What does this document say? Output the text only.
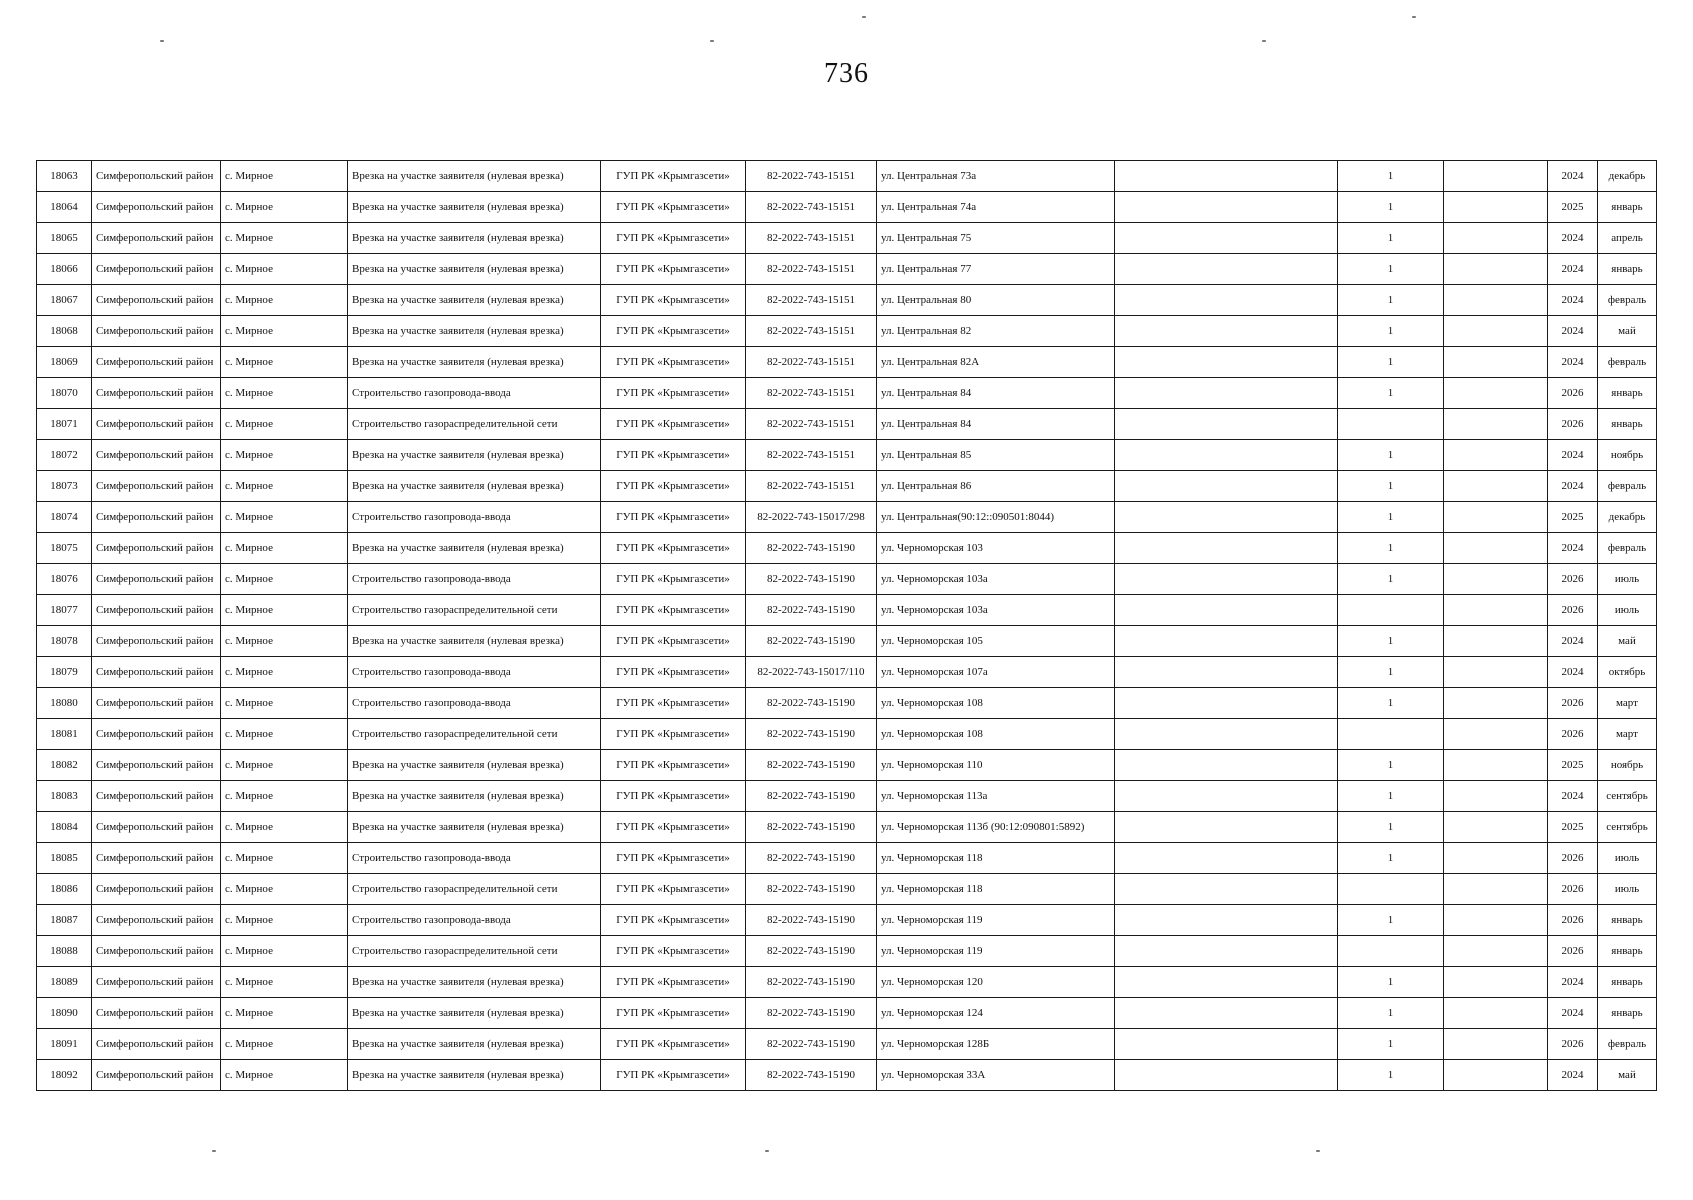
736
18063	Симферопольский район	с. Мирное	Врезка на участке заявителя (нулевая врезка)	ГУП РК «Крымгазсети»	82-2022-743-15151	ул. Центральная 73а		1		2024	декабрь
18064	Симферопольский район	с. Мирное	Врезка на участке заявителя (нулевая врезка)	ГУП РК «Крымгазсети»	82-2022-743-15151	ул. Центральная 74а		1		2025	январь
18065	Симферопольский район	с. Мирное	Врезка на участке заявителя (нулевая врезка)	ГУП РК «Крымгазсети»	82-2022-743-15151	ул. Центральная 75		1		2024	апрель
18066	Симферопольский район	с. Мирное	Врезка на участке заявителя (нулевая врезка)	ГУП РК «Крымгазсети»	82-2022-743-15151	ул. Центральная 77		1		2024	январь
18067	Симферопольский район	с. Мирное	Врезка на участке заявителя (нулевая врезка)	ГУП РК «Крымгазсети»	82-2022-743-15151	ул. Центральная 80		1		2024	февраль
18068	Симферопольский район	с. Мирное	Врезка на участке заявителя (нулевая врезка)	ГУП РК «Крымгазсети»	82-2022-743-15151	ул. Центральная 82		1		2024	май
18069	Симферопольский район	с. Мирное	Врезка на участке заявителя (нулевая врезка)	ГУП РК «Крымгазсети»	82-2022-743-15151	ул. Центральная 82А		1		2024	февраль
18070	Симферопольский район	с. Мирное	Строительство газопровода-ввода	ГУП РК «Крымгазсети»	82-2022-743-15151	ул. Центральная 84		1		2026	январь
18071	Симферопольский район	с. Мирное	Строительство газораспределительной сети	ГУП РК «Крымгазсети»	82-2022-743-15151	ул. Центральная 84				2026	январь
18072	Симферопольский район	с. Мирное	Врезка на участке заявителя (нулевая врезка)	ГУП РК «Крымгазсети»	82-2022-743-15151	ул. Центральная 85		1		2024	ноябрь
18073	Симферопольский район	с. Мирное	Врезка на участке заявителя (нулевая врезка)	ГУП РК «Крымгазсети»	82-2022-743-15151	ул. Центральная 86		1		2024	февраль
18074	Симферопольский район	с. Мирное	Строительство газопровода-ввода	ГУП РК «Крымгазсети»	82-2022-743-15017/298	ул. Центральная(90:12::090501:8044)		1		2025	декабрь
18075	Симферопольский район	с. Мирное	Врезка на участке заявителя (нулевая врезка)	ГУП РК «Крымгазсети»	82-2022-743-15190	ул. Черноморская 103		1		2024	февраль
18076	Симферопольский район	с. Мирное	Строительство газопровода-ввода	ГУП РК «Крымгазсети»	82-2022-743-15190	ул. Черноморская 103а		1		2026	июль
18077	Симферопольский район	с. Мирное	Строительство газораспределительной сети	ГУП РК «Крымгазсети»	82-2022-743-15190	ул. Черноморская 103а				2026	июль
18078	Симферопольский район	с. Мирное	Врезка на участке заявителя (нулевая врезка)	ГУП РК «Крымгазсети»	82-2022-743-15190	ул. Черноморская 105		1		2024	май
18079	Симферопольский район	с. Мирное	Строительство газопровода-ввода	ГУП РК «Крымгазсети»	82-2022-743-15017/110	ул. Черноморская 107а		1		2024	октябрь
18080	Симферопольский район	с. Мирное	Строительство газопровода-ввода	ГУП РК «Крымгазсети»	82-2022-743-15190	ул. Черноморская 108		1		2026	март
18081	Симферопольский район	с. Мирное	Строительство газораспределительной сети	ГУП РК «Крымгазсети»	82-2022-743-15190	ул. Черноморская 108				2026	март
18082	Симферопольский район	с. Мирное	Врезка на участке заявителя (нулевая врезка)	ГУП РК «Крымгазсети»	82-2022-743-15190	ул. Черноморская 110		1		2025	ноябрь
18083	Симферопольский район	с. Мирное	Врезка на участке заявителя (нулевая врезка)	ГУП РК «Крымгазсети»	82-2022-743-15190	ул. Черноморская 113а		1		2024	сентябрь
18084	Симферопольский район	с. Мирное	Врезка на участке заявителя (нулевая врезка)	ГУП РК «Крымгазсети»	82-2022-743-15190	ул. Черноморская 113б (90:12:090801:5892)		1		2025	сентябрь
18085	Симферопольский район	с. Мирное	Строительство газопровода-ввода	ГУП РК «Крымгазсети»	82-2022-743-15190	ул. Черноморская 118		1		2026	июль
18086	Симферопольский район	с. Мирное	Строительство газораспределительной сети	ГУП РК «Крымгазсети»	82-2022-743-15190	ул. Черноморская 118				2026	июль
18087	Симферопольский район	с. Мирное	Строительство газопровода-ввода	ГУП РК «Крымгазсети»	82-2022-743-15190	ул. Черноморская 119		1		2026	январь
18088	Симферопольский район	с. Мирное	Строительство газораспределительной сети	ГУП РК «Крымгазсети»	82-2022-743-15190	ул. Черноморская 119				2026	январь
18089	Симферопольский район	с. Мирное	Врезка на участке заявителя (нулевая врезка)	ГУП РК «Крымгазсети»	82-2022-743-15190	ул. Черноморская 120		1		2024	январь
18090	Симферопольский район	с. Мирное	Врезка на участке заявителя (нулевая врезка)	ГУП РК «Крымгазсети»	82-2022-743-15190	ул. Черноморская 124		1		2024	январь
18091	Симферопольский район	с. Мирное	Врезка на участке заявителя (нулевая врезка)	ГУП РК «Крымгазсети»	82-2022-743-15190	ул. Черноморская 128Б		1		2026	февраль
18092	Симферопольский район	с. Мирное	Врезка на участке заявителя (нулевая врезка)	ГУП РК «Крымгазсети»	82-2022-743-15190	ул. Черноморская 33А		1		2024	май
